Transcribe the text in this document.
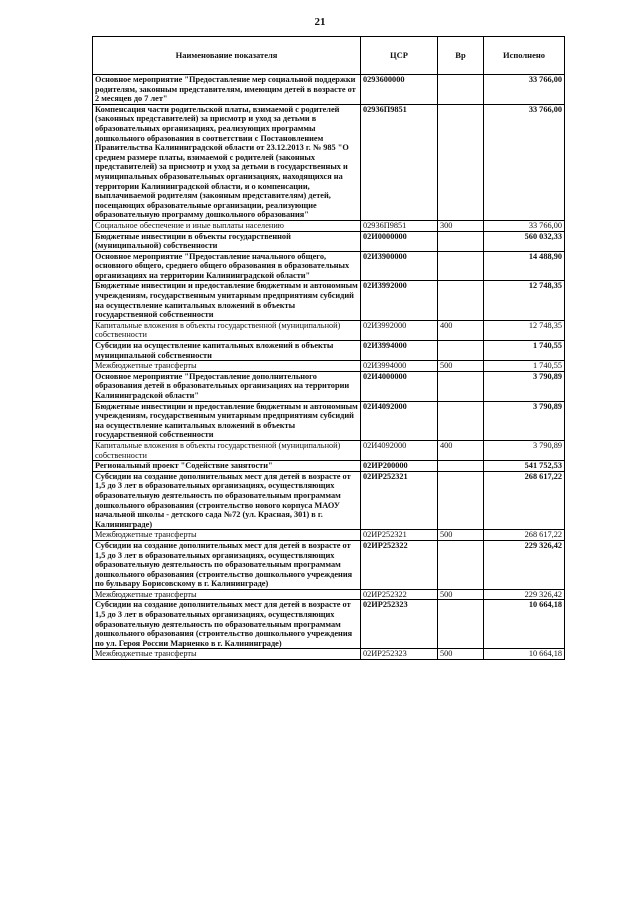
21
Наименование показателя	ЦСР	Вр	Исполнено
Основное мероприятие "Предоставление мер социальной поддержки родителям, законным представителям, имеющим детей в возрасте от 2 месяцев до 7 лет"	0293600000		33 766,00
Компенсация части родительской платы, взимаемой с родителей (законных представителей) за присмотр и уход за детьми в образовательных организациях, реализующих программы дошкольного образования в соответствии с Постановлением Правительства Калининградской области от 23.12.2013 г. № 985 "О среднем размере платы, взимаемой с родителей (законных представителей) за присмотр и уход за детьми в государственных и муниципальных образовательных организациях, находящихся на территории Калининградской области, и о компенсации, выплачиваемой родителям (законным представителям) детей, посещающих образовательные организации, реализующие образовательную программу дошкольного образования"	02936П9851		33 766,00
Социальное обеспечение и иные выплаты населению	02936П9851	300	33 766,00
Бюджетные инвестиции в объекты государственной (муниципальной) собственности	02И0000000		560 032,33
Основное мероприятие "Предоставление начального общего, основного общего, среднего общего образования в образовательных организациях на территории Калининградской области"	02И3900000		14 488,90
Бюджетные инвестиции и предоставление бюджетным и автономным учреждениям, государственным унитарным предприятиям субсидий на осуществление капитальных вложений в объекты государственной собственности	02И3992000		12 748,35
Капитальные вложения в объекты государственной (муниципальной) собственности	02И3992000	400	12 748,35
Субсидии на осуществление капитальных вложений в объекты муниципальной собственности	02И3994000		1 740,55
Межбюджетные трансферты	02И3994000	500	1 740,55
Основное мероприятие "Предоставление дополнительного образования детей в образовательных организациях на территории Калининградской области"	02И4000000		3 790,89
Бюджетные инвестиции и предоставление бюджетным и автономным учреждениям, государственным унитарным предприятиям субсидий на осуществление капитальных вложений в объекты государственной собственности	02И4092000		3 790,89
Капитальные вложения в объекты государственной (муниципальной) собственности	02И4092000	400	3 790,89
Региональный проект "Содействие занятости"	02ИР200000		541 752,53
Субсидии на создание дополнительных мест для детей в возрасте от 1,5 до 3 лет в образовательных организациях, осуществляющих образовательную деятельность по образовательным программам дошкольного образования (строительство нового корпуса МАОУ начальной школы - детского сада №72 (ул. Красная, 301) в г. Калининграде)	02ИР252321		268 617,22
Межбюджетные трансферты	02ИР252321	500	268 617,22
Субсидии на создание дополнительных мест для детей в возрасте от 1,5 до 3 лет в образовательных организациях, осуществляющих образовательную деятельность по образовательным программам дошкольного образования (строительство дошкольного учреждения по бульвару Борисовскому в г. Калининграде)	02ИР252322		229 326,42
Межбюджетные трансферты	02ИР252322	500	229 326,42
Субсидии на создание дополнительных мест для детей в возрасте от 1,5 до 3 лет в образовательных организациях, осуществляющих образовательную деятельность по образовательным программам дошкольного образования (строительство дошкольного учреждения по ул. Героя России Марненко в г. Калининграде)	02ИР252323		10 664,18
Межбюджетные трансферты	02ИР252323	500	10 664,18
